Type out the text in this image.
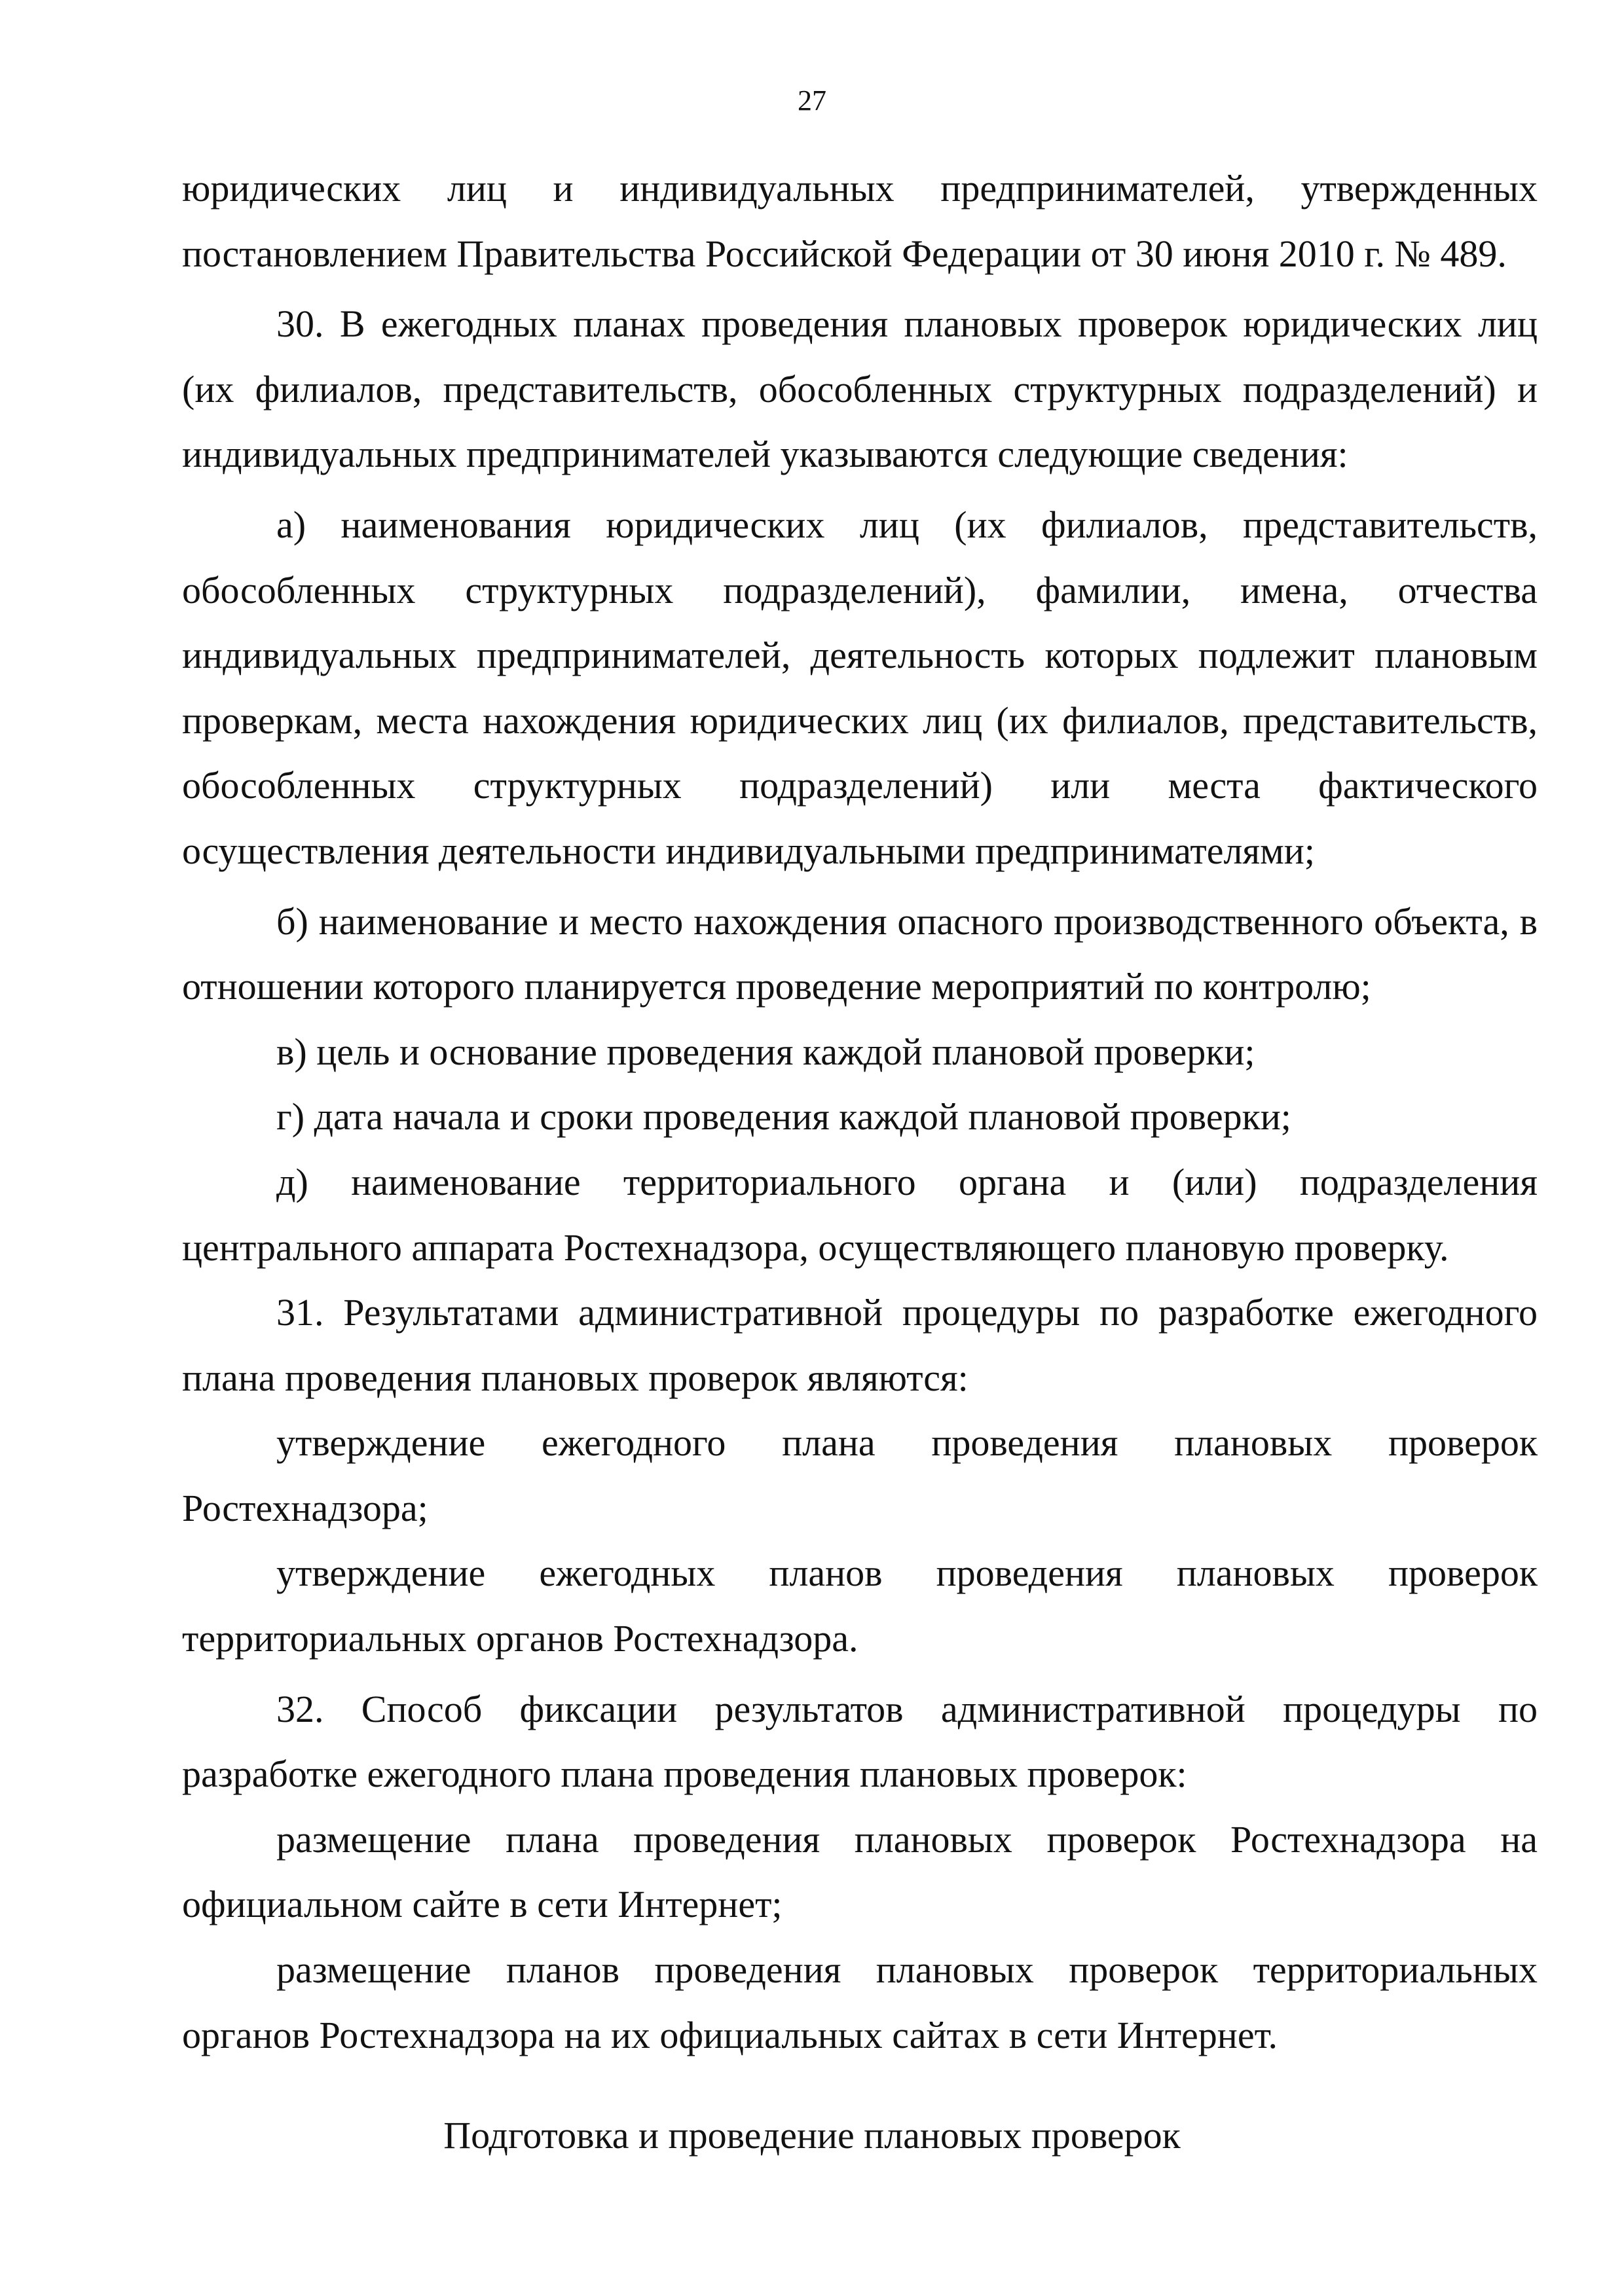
27

юридических лиц и индивидуальных предпринимателей, утвержденных постановлением Правительства Российской Федерации от 30 июня 2010 г. № 489.

30. В ежегодных планах проведения плановых проверок юридических лиц (их филиалов, представительств, обособленных структурных подразделений) и индивидуальных предпринимателей указываются следующие сведения:

а) наименования юридических лиц (их филиалов, представительств, обособленных структурных подразделений), фамилии, имена, отчества индивидуальных предпринимателей, деятельность которых подлежит плановым проверкам, места нахождения юридических лиц (их филиалов, представительств, обособленных структурных подразделений) или места фактического осуществления деятельности индивидуальными предпринимателями;

б) наименование и место нахождения опасного производственного объекта, в отношении которого планируется проведение мероприятий по контролю;

в) цель и основание проведения каждой плановой проверки;

г) дата начала и сроки проведения каждой плановой проверки;

д) наименование территориального органа и (или) подразделения центрального аппарата Ростехнадзора, осуществляющего плановую проверку.

31. Результатами административной процедуры по разработке ежегодного плана проведения плановых проверок являются:

утверждение ежегодного плана проведения плановых проверок Ростехнадзора;

утверждение ежегодных планов проведения плановых проверок территориальных органов Ростехнадзора.

32. Способ фиксации результатов административной процедуры по разработке ежегодного плана проведения плановых проверок:

размещение плана проведения плановых проверок Ростехнадзора на официальном сайте в сети Интернет;

размещение планов проведения плановых проверок территориальных органов Ростехнадзора на их официальных сайтах в сети Интернет.

Подготовка и проведение плановых проверок
